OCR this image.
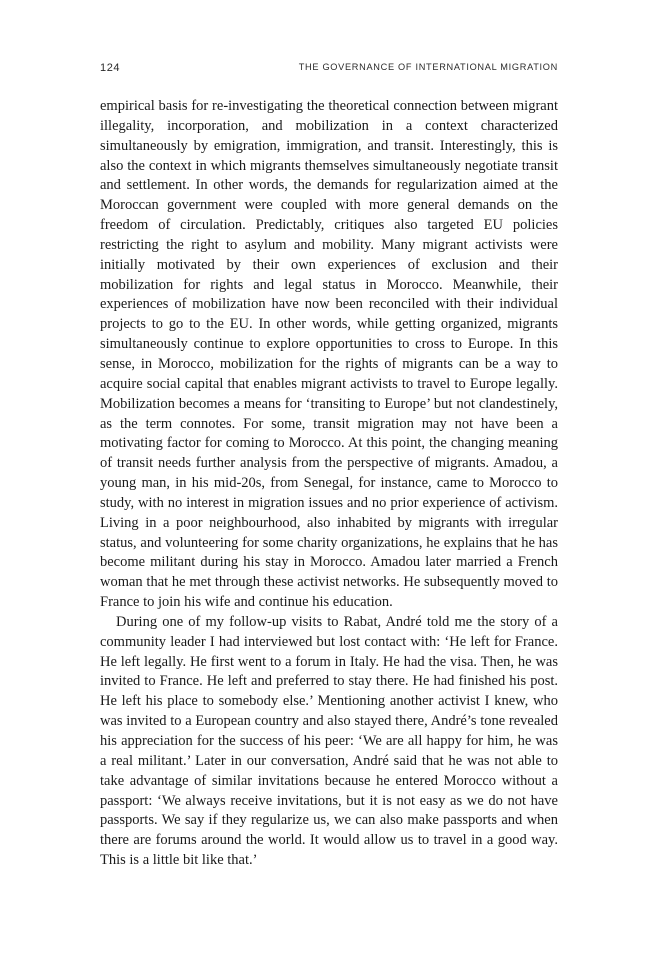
124	THE GOVERNANCE OF INTERNATIONAL MIGRATION

empirical basis for re-investigating the theoretical connection between migrant illegality, incorporation, and mobilization in a context characterized simultaneously by emigration, immigration, and transit. Interestingly, this is also the context in which migrants themselves simultaneously negotiate transit and settlement. In other words, the demands for regularization aimed at the Moroccan government were coupled with more general demands on the freedom of circulation. Predictably, critiques also targeted EU policies restricting the right to asylum and mobility. Many migrant activists were initially motivated by their own experiences of exclusion and their mobilization for rights and legal status in Morocco. Meanwhile, their experiences of mobilization have now been reconciled with their individual projects to go to the EU. In other words, while getting organized, migrants simultaneously continue to explore opportunities to cross to Europe. In this sense, in Morocco, mobilization for the rights of migrants can be a way to acquire social capital that enables migrant activists to travel to Europe legally. Mobilization becomes a means for ‘transiting to Europe’ but not clandestinely, as the term connotes. For some, transit migration may not have been a motivating factor for coming to Morocco. At this point, the changing meaning of transit needs further analysis from the perspective of migrants. Amadou, a young man, in his mid-20s, from Senegal, for instance, came to Morocco to study, with no interest in migration issues and no prior experience of activism. Living in a poor neighbourhood, also inhabited by migrants with irregular status, and volunteering for some charity organizations, he explains that he has become militant during his stay in Morocco. Amadou later married a French woman that he met through these activist networks. He subsequently moved to France to join his wife and continue his education.

During one of my follow-up visits to Rabat, André told me the story of a community leader I had interviewed but lost contact with: ‘He left for France. He left legally. He first went to a forum in Italy. He had the visa. Then, he was invited to France. He left and preferred to stay there. He had finished his post. He left his place to somebody else.’ Mentioning another activist I knew, who was invited to a European country and also stayed there, André’s tone revealed his appreciation for the success of his peer: ‘We are all happy for him, he was a real militant.’ Later in our conversation, André said that he was not able to take advantage of similar invitations because he entered Morocco without a passport: ‘We always receive invitations, but it is not easy as we do not have passports. We say if they regularize us, we can also make passports and when there are forums around the world. It would allow us to travel in a good way. This is a little bit like that.’
